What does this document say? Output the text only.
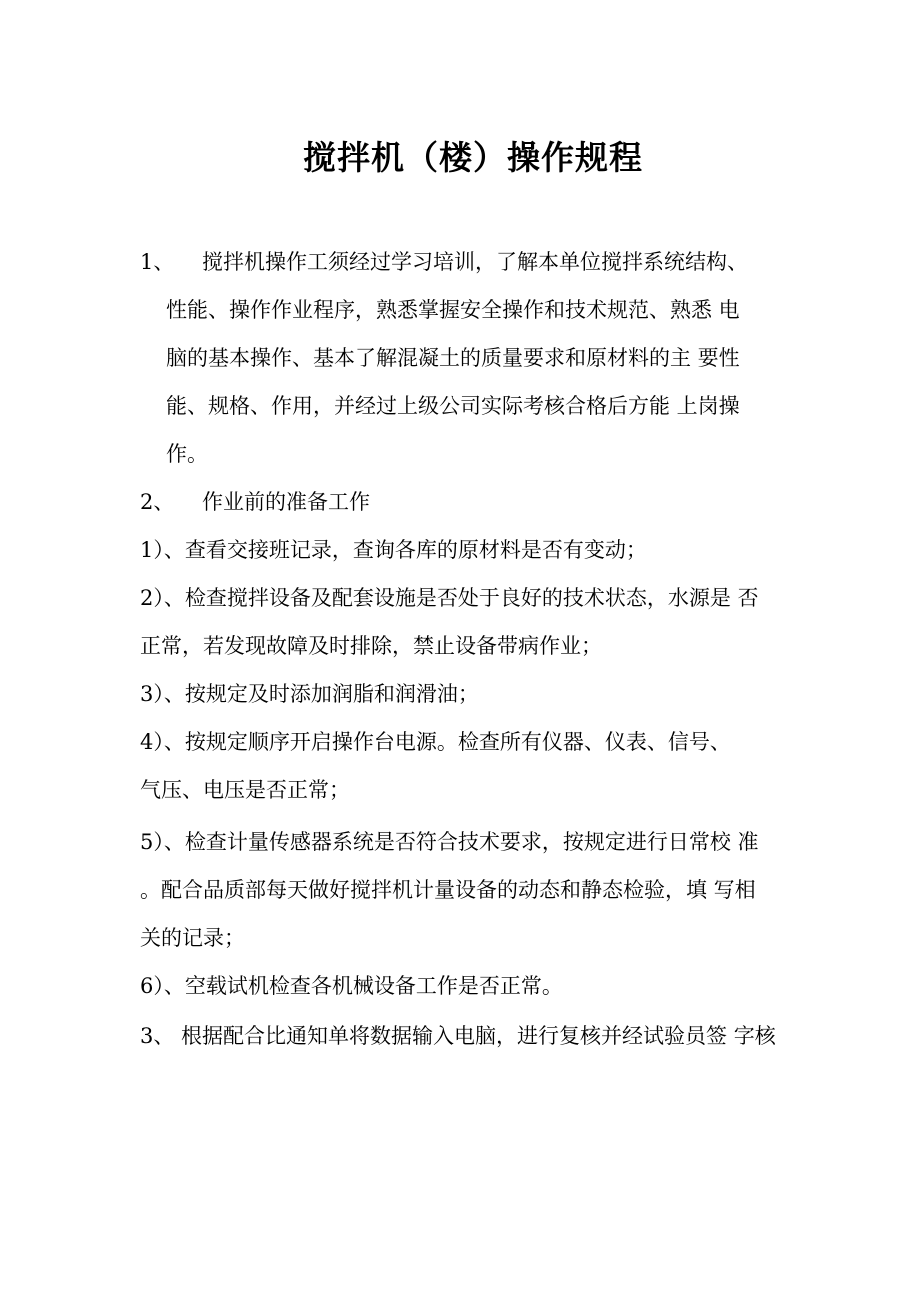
搅拌机（楼）操作规程
1、 搅拌机操作工须经过学习培训，了解本单位搅拌系统结构、
性能、操作作业程序，熟悉掌握安全操作和技术规范、熟悉 电
脑的基本操作、基本了解混凝土的质量要求和原材料的主 要性
能、规格、作用，并经过上级公司实际考核合格后方能 上岗操
作。
2、 作业前的准备工作
1）、查看交接班记录，查询各库的原材料是否有变动；
2）、检查搅拌设备及配套设施是否处于良好的技术状态，水源是 否
正常，若发现故障及时排除，禁止设备带病作业；
3）、按规定及时添加润脂和润滑油；
4）、按规定顺序开启操作台电源。检查所有仪器、仪表、信号、
气压、电压是否正常；
5）、检查计量传感器系统是否符合技术要求，按规定进行日常校 准
。配合品质部每天做好搅拌机计量设备的动态和静态检验，填 写相
关的记录；
6）、空载试机检查各机械设备工作是否正常。
3、 根据配合比通知单将数据输入电脑，进行复核并经试验员签 字核
